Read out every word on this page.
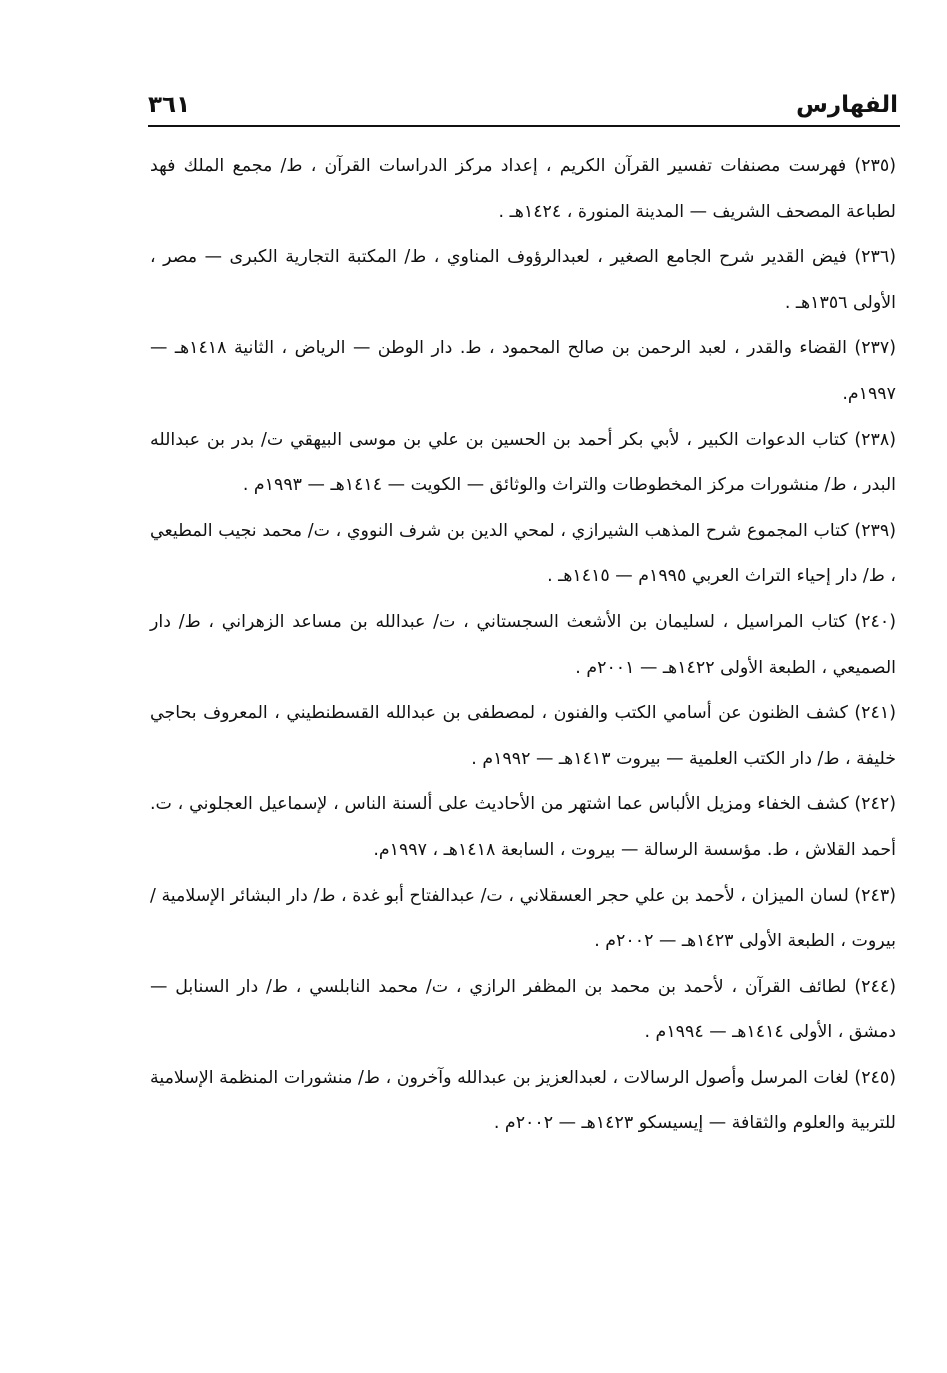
الفهارس
٣٦١

(٢٣٥) فهرست مصنفات تفسير القرآن الكريم ، إعداد مركز الدراسات القرآن ، ط/ مجمع الملك فهد لطباعة المصحف الشريف — المدينة المنورة ، ١٤٢٤هـ .

(٢٣٦) فيض القدير شرح الجامع الصغير ، لعبدالرؤوف المناوي ، ط/ المكتبة التجارية الكبرى — مصر ، الأولى ١٣٥٦هـ .

(٢٣٧) القضاء والقدر ، لعبد الرحمن بن صالح المحمود ، ط. دار الوطن — الرياض ، الثانية ١٤١٨هـ — ١٩٩٧م.

(٢٣٨) كتاب الدعوات الكبير ، لأبي بكر أحمد بن الحسين بن علي بن موسى البيهقي ت/ بدر بن عبدالله البدر ، ط/ منشورات مركز المخطوطات والتراث والوثائق — الكويت — ١٤١٤هـ — ١٩٩٣م .

(٢٣٩) كتاب المجموع شرح المذهب الشيرازي ، لمحي الدين بن شرف النووي ، ت/ محمد نجيب المطيعي ، ط/ دار إحياء التراث العربي ١٩٩٥م — ١٤١٥هـ .

(٢٤٠) كتاب المراسيل ، لسليمان بن الأشعث السجستاني ، ت/ عبدالله بن مساعد الزهراني ، ط/ دار الصميعي ، الطبعة الأولى ١٤٢٢هـ — ٢٠٠١م .

(٢٤١) كشف الظنون عن أسامي الكتب والفنون ، لمصطفى بن عبدالله القسطنطيني ، المعروف بحاجي خليفة ، ط/ دار الكتب العلمية — بيروت ١٤١٣هـ — ١٩٩٢م .

(٢٤٢) كشف الخفاء ومزيل الألباس عما اشتهر من الأحاديث على ألسنة الناس ، لإسماعيل العجلوني ، ت. أحمد القلاش ، ط. مؤسسة الرسالة — بيروت ، السابعة ١٤١٨هـ ، ١٩٩٧م.

(٢٤٣) لسان الميزان ، لأحمد بن علي حجر العسقلاني ، ت/ عبدالفتاح أبو غدة ، ط/ دار البشائر الإسلامية / بيروت ، الطبعة الأولى ١٤٢٣هـ — ٢٠٠٢م .

(٢٤٤) لطائف القرآن ، لأحمد بن محمد بن المظفر الرازي ، ت/ محمد النابلسي ، ط/ دار السنابل — دمشق ، الأولى ١٤١٤هـ — ١٩٩٤م .

(٢٤٥) لغات المرسل وأصول الرسالات ، لعبدالعزيز بن عبدالله وآخرون ، ط/ منشورات المنظمة الإسلامية للتربية والعلوم والثقافة — إيسيسكو ١٤٢٣هـ — ٢٠٠٢م .
